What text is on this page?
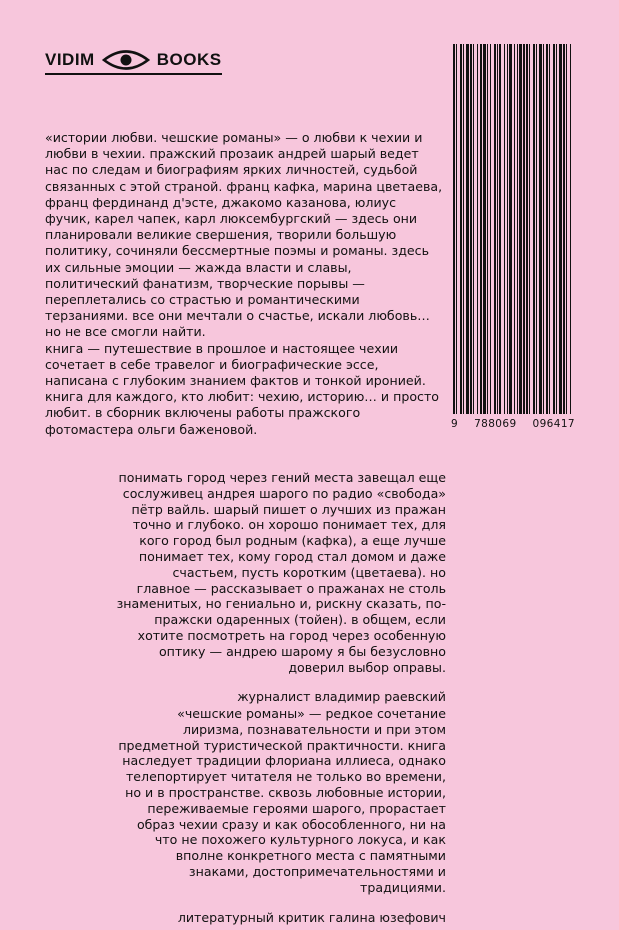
VIDIM	BOOKS
9 788069 096417

«истории любви. чешские романы» — о любви к чехии и любви в чехии. пражский прозаик андрей шарый ведет нас по следам и биографиям ярких личностей, судьбой связанных с этой страной. франц кафка, марина цветаева, франц фердинанд д'эсте, джакомо казанова, юлиус фучик, карел чапек, карл люксембургский — здесь они планировали великие свершения, творили большую политику, сочиняли бессмертные поэмы и романы. здесь их сильные эмоции — жажда власти и славы, политический фанатизм, творческие порывы — переплетались со страстью и романтическими терзаниями. все они мечтали о счастье, искали любовь… но не все смогли найти.

книга — путешествие в прошлое и настоящее чехии сочетает в себе травелог и биографические эссе, написана с глубоким знанием фактов и тонкой иронией. книга для каждого, кто любит: чехию, историю… и просто любит. в сборник включены работы пражского фотомастера ольги баженовой.

понимать город через гений места завещал еще сослуживец андрея шарого по радио «свобода» пётр вайль. шарый пишет о лучших из пражан точно и глубоко. он хорошо понимает тех, для кого город был родным (кафка), а еще лучше понимает тех, кому город стал домом и даже счастьем, пусть коротким (цветаева). но главное — рассказывает о пражанах не столь знаменитых, но гениально и, рискну сказать, по-пражски одаренных (тойен). в общем, если хотите посмотреть на город через особенную оптику — андрею шарому я бы безусловно доверил выбор оправы.

журналист владимир раевский

«чешские романы» — редкое сочетание лиризма, познавательности и при этом предметной туристической практичности. книга наследует традиции флориана иллиеса, однако телепортирует читателя не только во времени, но и в пространстве. сквозь любовные истории, переживаемые героями шарого, прорастает образ чехии сразу и как обособленного, ни на что не похожего культурного локуса, и как вполне конкретного места с памятными знаками, достопримечательностями и традициями.

литературный критик галина юзефович
